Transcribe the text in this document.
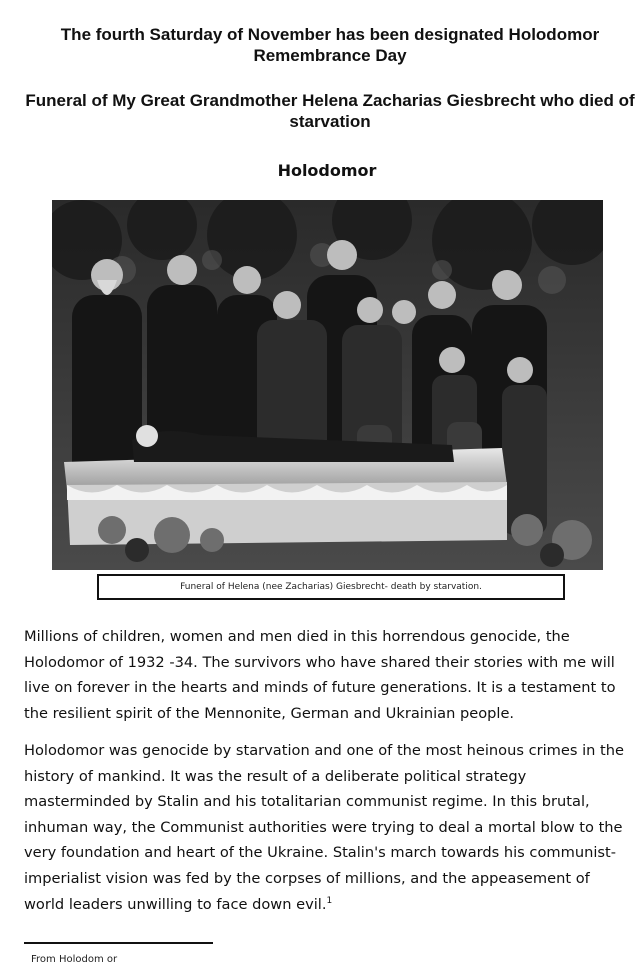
The fourth Saturday of November has been designated Holodomor Remembrance Day
Funeral of My Great Grandmother Helena Zacharias Giesbrecht who died of starvation
Holodomor
Funeral of Helena (nee Zacharias) Giesbrecht- death by starvation.

Millions of children, women and men died in this horrendous genocide, the Holodomor of 1932 -34. The survivors who have shared their stories with me will live on forever in the hearts and minds of future generations. It is a testament to the resilient spirit of the Mennonite, German and Ukrainian people.

Holodomor was genocide by starvation and one of the most heinous crimes in the history of mankind. It was the result of a deliberate political strategy masterminded by Stalin and his totalitarian communist regime. In this brutal, inhuman way, the Communist authorities were trying to deal a mortal blow to the very foundation and heart of the Ukraine. Stalin's march towards his communist-imperialist vision was fed by the corpses of millions, and the appeasement of world leaders unwilling to face down evil.$^1$

From Holodom or
